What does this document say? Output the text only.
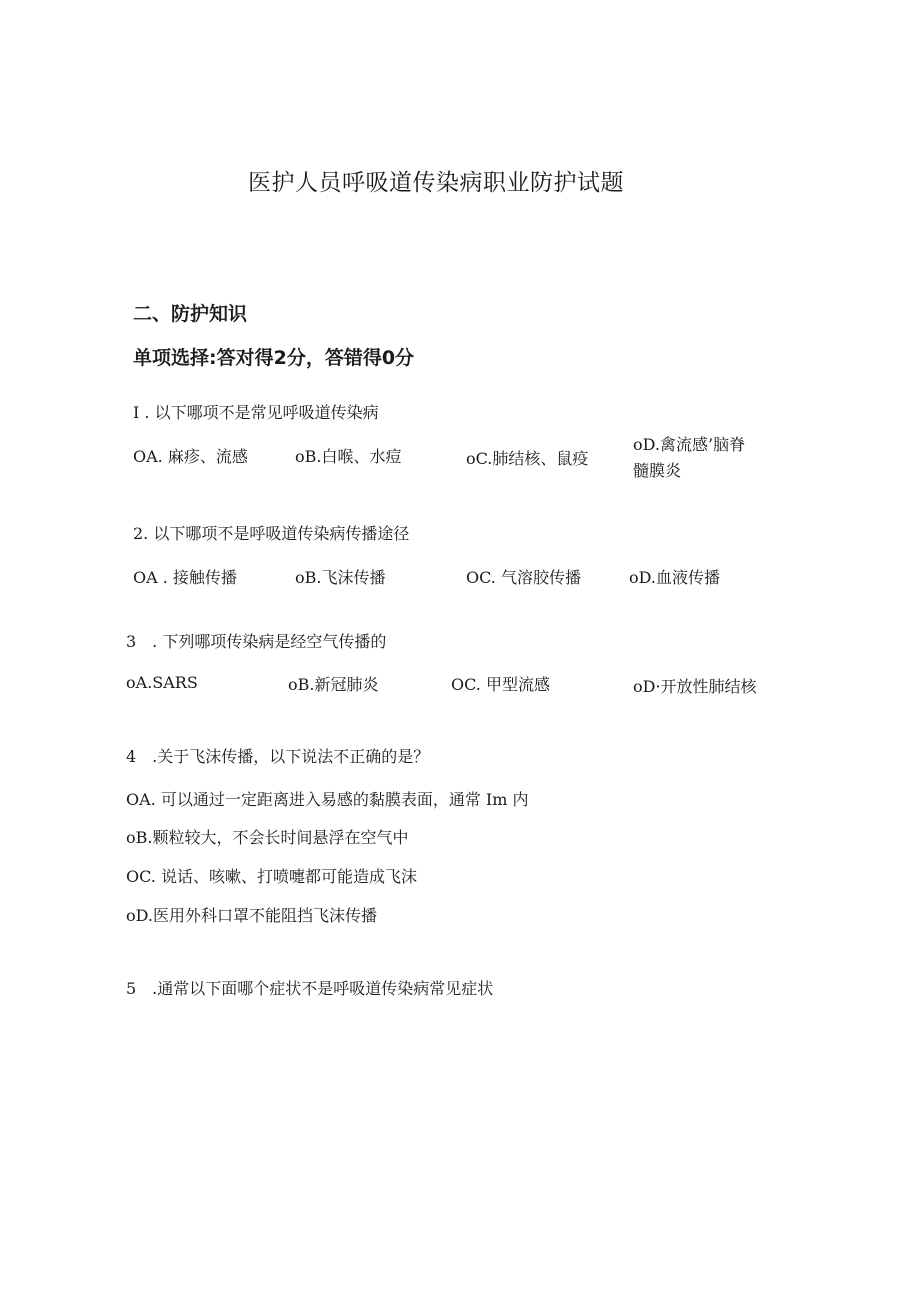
医护人员呼吸道传染病职业防护试题
二、防护知识
单项选择:答对得2分，答错得0分
I . 以下哪项不是常见呼吸道传染病
OA. 麻疹、流感	oB.白喉、水痘	oC.肺结核、鼠疫
oD.禽流感’脑脊
髓膜炎
2. 以下哪项不是呼吸道传染病传播途径
OA . 接触传播	oB.飞沫传播	OC. 气溶胶传播	oD.血液传播
3　. 下列哪项传染病是经空气传播的
oA.SARS	oB.新冠肺炎	OC. 甲型流感	oD·开放性肺结核
4　.关于飞沫传播，以下说法不正确的是？
OA. 可以通过一定距离进入易感的黏膜表面，通常 Im 内
oB.颗粒较大，不会长时间悬浮在空气中
OC. 说话、咳嗽、打喷嚏都可能造成飞沫
oD.医用外科口罩不能阻挡飞沫传播
5　.通常以下面哪个症状不是呼吸道传染病常见症状
